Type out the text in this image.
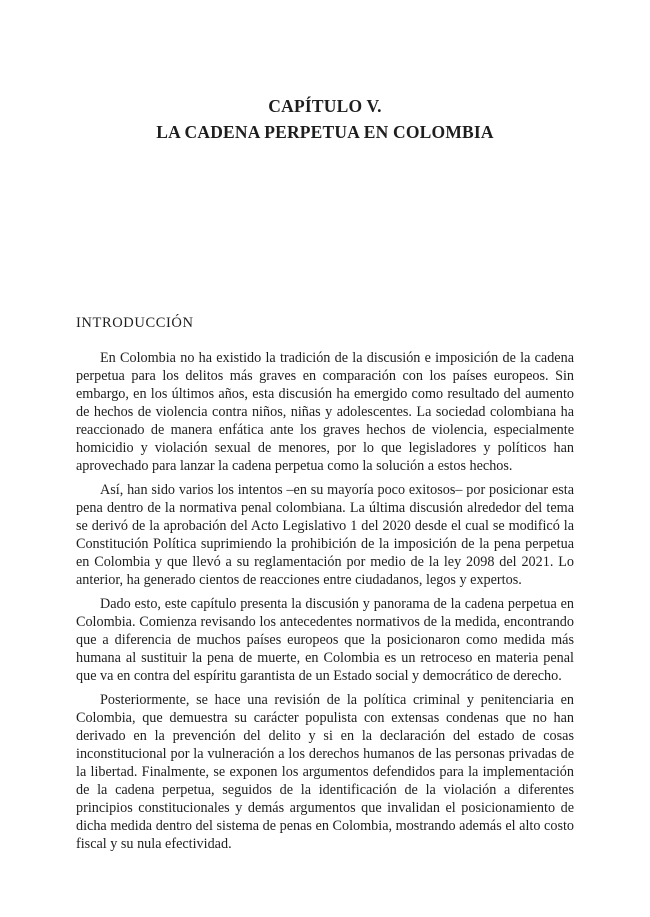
CAPÍTULO V.
LA CADENA PERPETUA EN COLOMBIA
INTRODUCCIÓN

En Colombia no ha existido la tradición de la discusión e imposición de la cadena perpetua para los delitos más graves en comparación con los países europeos. Sin embargo, en los últimos años, esta discusión ha emergido como resultado del aumento de hechos de violencia contra niños, niñas y adolescentes. La sociedad colombiana ha reaccionado de manera enfática ante los graves hechos de violencia, especialmente homicidio y violación sexual de menores, por lo que legisladores y políticos han aprovechado para lanzar la cadena perpetua como la solución a estos hechos.

Así, han sido varios los intentos –en su mayoría poco exitosos– por posicionar esta pena dentro de la normativa penal colombiana. La última discusión alrededor del tema se derivó de la aprobación del Acto Legislativo 1 del 2020 desde el cual se modificó la Constitución Política suprimiendo la prohibición de la imposición de la pena perpetua en Colombia y que llevó a su reglamentación por medio de la ley 2098 del 2021. Lo anterior, ha generado cientos de reacciones entre ciudadanos, legos y expertos.

Dado esto, este capítulo presenta la discusión y panorama de la cadena perpetua en Colombia. Comienza revisando los antecedentes normativos de la medida, encontrando que a diferencia de muchos países europeos que la posicionaron como medida más humana al sustituir la pena de muerte, en Colombia es un retroceso en materia penal que va en contra del espíritu garantista de un Estado social y democrático de derecho.

Posteriormente, se hace una revisión de la política criminal y penitenciaria en Colombia, que demuestra su carácter populista con extensas condenas que no han derivado en la prevención del delito y si en la declaración del estado de cosas inconstitucional por la vulneración a los derechos humanos de las personas privadas de la libertad. Finalmente, se exponen los argumentos defendidos para la implementación de la cadena perpetua, seguidos de la identificación de la violación a diferentes principios constitucionales y demás argumentos que invalidan el posicionamiento de dicha medida dentro del sistema de penas en Colombia, mostrando además el alto costo fiscal y su nula efectividad.
